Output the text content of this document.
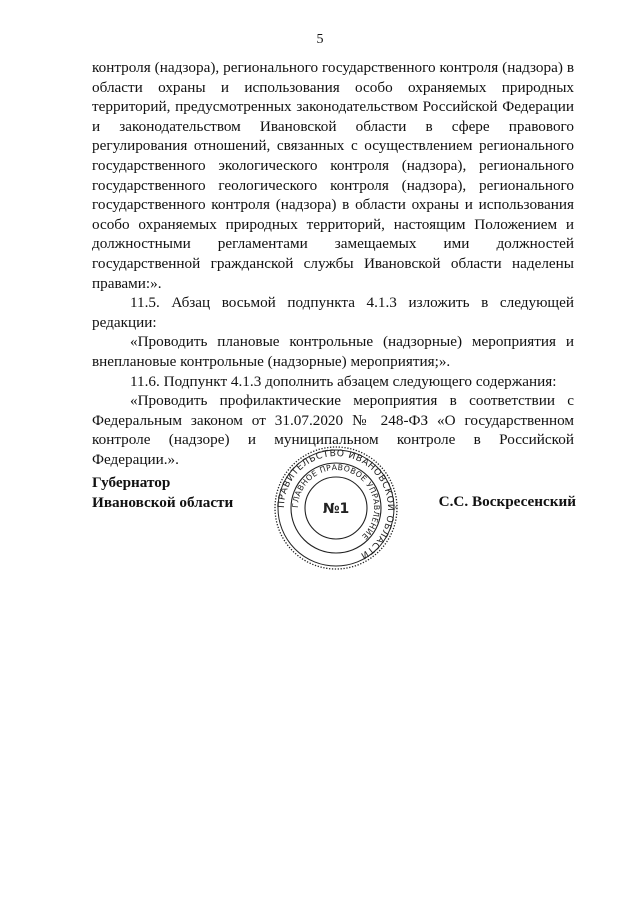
5

контроля (надзора), регионального государственного контроля (надзора) в области охраны и использования особо охраняемых природных территорий, предусмотренных законодательством Российской Федерации и законодательством Ивановской области в сфере правового регулирования отношений, связанных с осуществлением регионального государственного экологического контроля (надзора), регионального государственного геологического контроля (надзора), регионального государственного контроля (надзора) в области охраны и использования особо охраняемых природных территорий, настоящим Положением и должностными регламентами замещаемых ими должностей государственной гражданской службы Ивановской области наделены правами:».

11.5. Абзац восьмой подпункта 4.1.3 изложить в следующей редакции:

«Проводить плановые контрольные (надзорные) мероприятия и внеплановые контрольные (надзорные) мероприятия;».

11.6. Подпункт 4.1.3 дополнить абзацем следующего содержания:

«Проводить профилактические мероприятия в соответствии с Федеральным законом от 31.07.2020 № 248-ФЗ «О государственном контроле (надзоре) и муниципальном контроле в Российской Федерации.».

Губернатор
Ивановской области	ПРАВИТЕЛЬСТВО ИВАНОВСКОЙ ОБЛАСТИ
ГЛАВНОЕ ПРАВОВОЕ УПРАВЛЕНИЕ
№1	С.С. Воскресенский
